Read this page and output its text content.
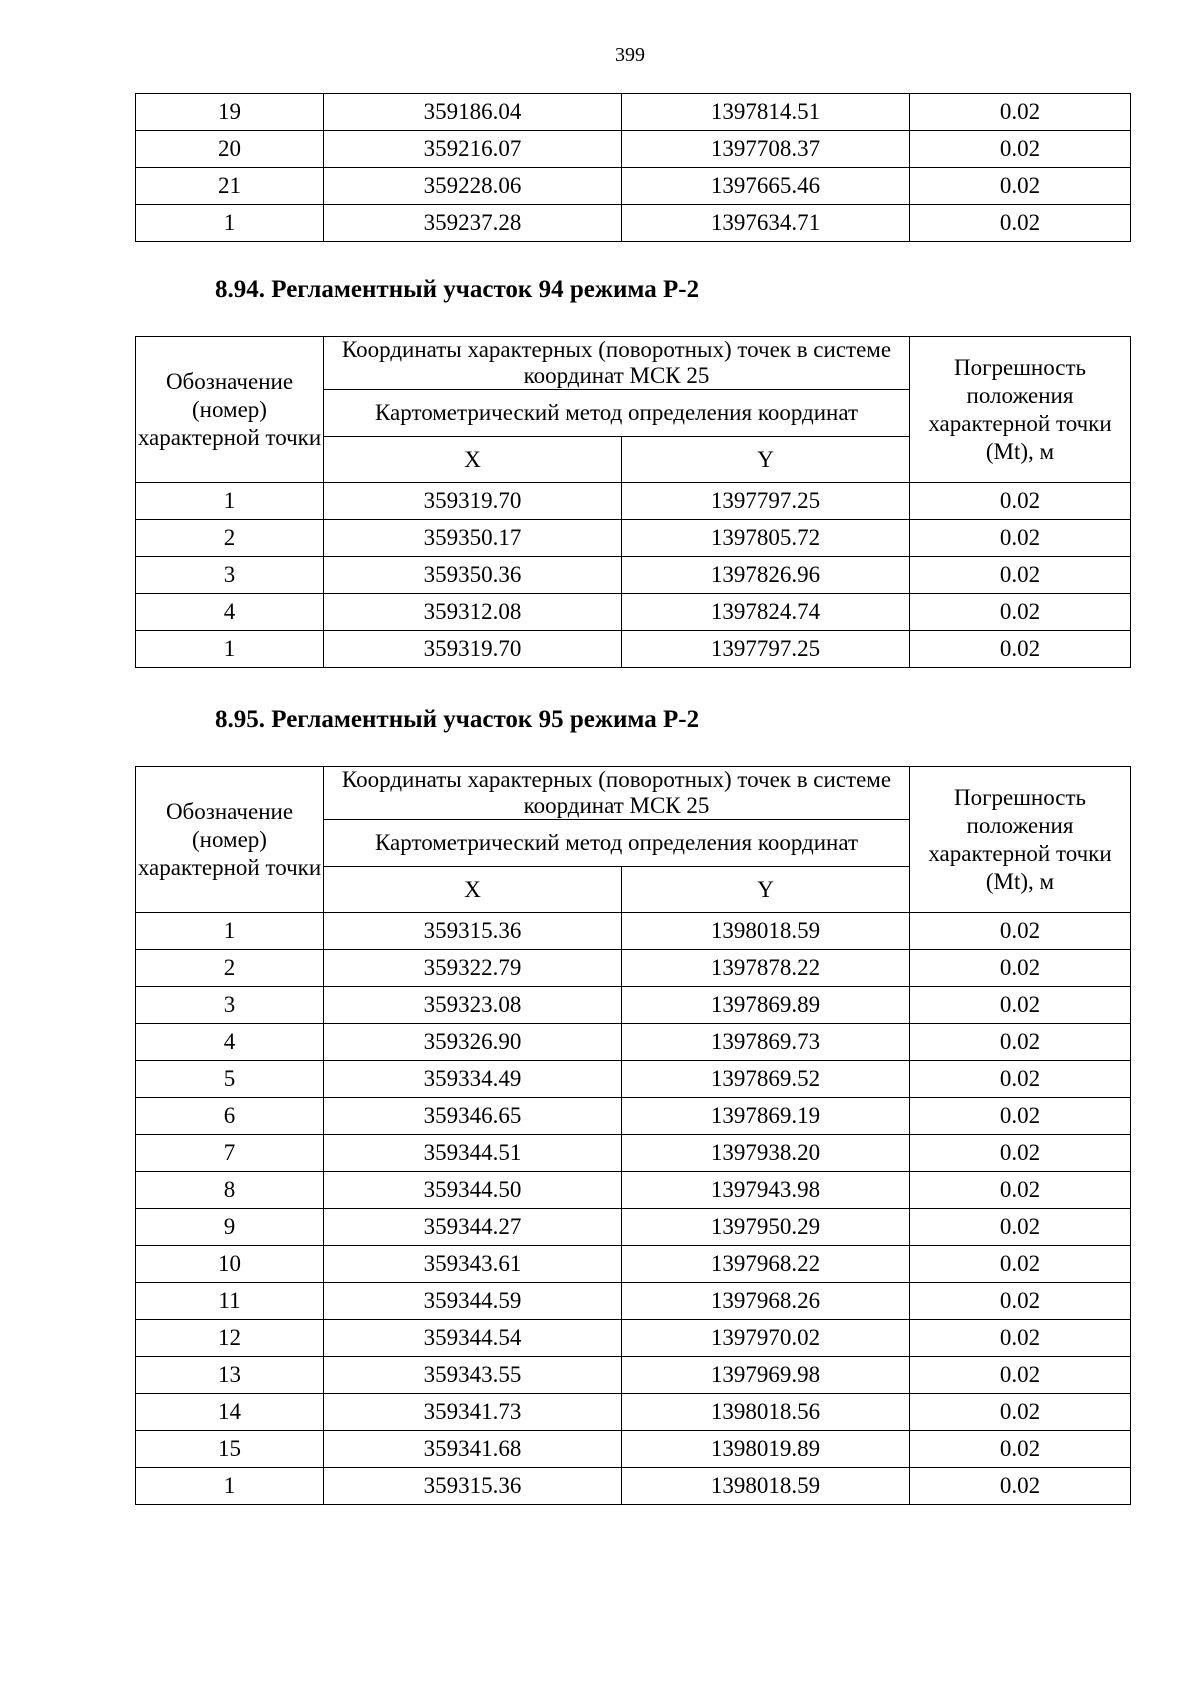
399
19	359186.04	1397814.51	0.02
20	359216.07	1397708.37	0.02
21	359228.06	1397665.46	0.02
1	359237.28	1397634.71	0.02
8.94. Регламентный участок 94 режима Р-2
Обозначение (номер) характерной точки	Координаты характерных (поворотных) точек в системе координат МСК 25		Погрешность положения характерной точки (Mt), м
	Картометрический метод определения координат		
	X	Y	
1	359319.70	1397797.25	0.02
2	359350.17	1397805.72	0.02
3	359350.36	1397826.96	0.02
4	359312.08	1397824.74	0.02
1	359319.70	1397797.25	0.02
8.95. Регламентный участок 95 режима Р-2
Обозначение (номер) характерной точки	Координаты характерных (поворотных) точек в системе координат МСК 25		Погрешность положения характерной точки (Mt), м
	Картометрический метод определения координат		
	X	Y	
1	359315.36	1398018.59	0.02
2	359322.79	1397878.22	0.02
3	359323.08	1397869.89	0.02
4	359326.90	1397869.73	0.02
5	359334.49	1397869.52	0.02
6	359346.65	1397869.19	0.02
7	359344.51	1397938.20	0.02
8	359344.50	1397943.98	0.02
9	359344.27	1397950.29	0.02
10	359343.61	1397968.22	0.02
11	359344.59	1397968.26	0.02
12	359344.54	1397970.02	0.02
13	359343.55	1397969.98	0.02
14	359341.73	1398018.56	0.02
15	359341.68	1398019.89	0.02
1	359315.36	1398018.59	0.02
